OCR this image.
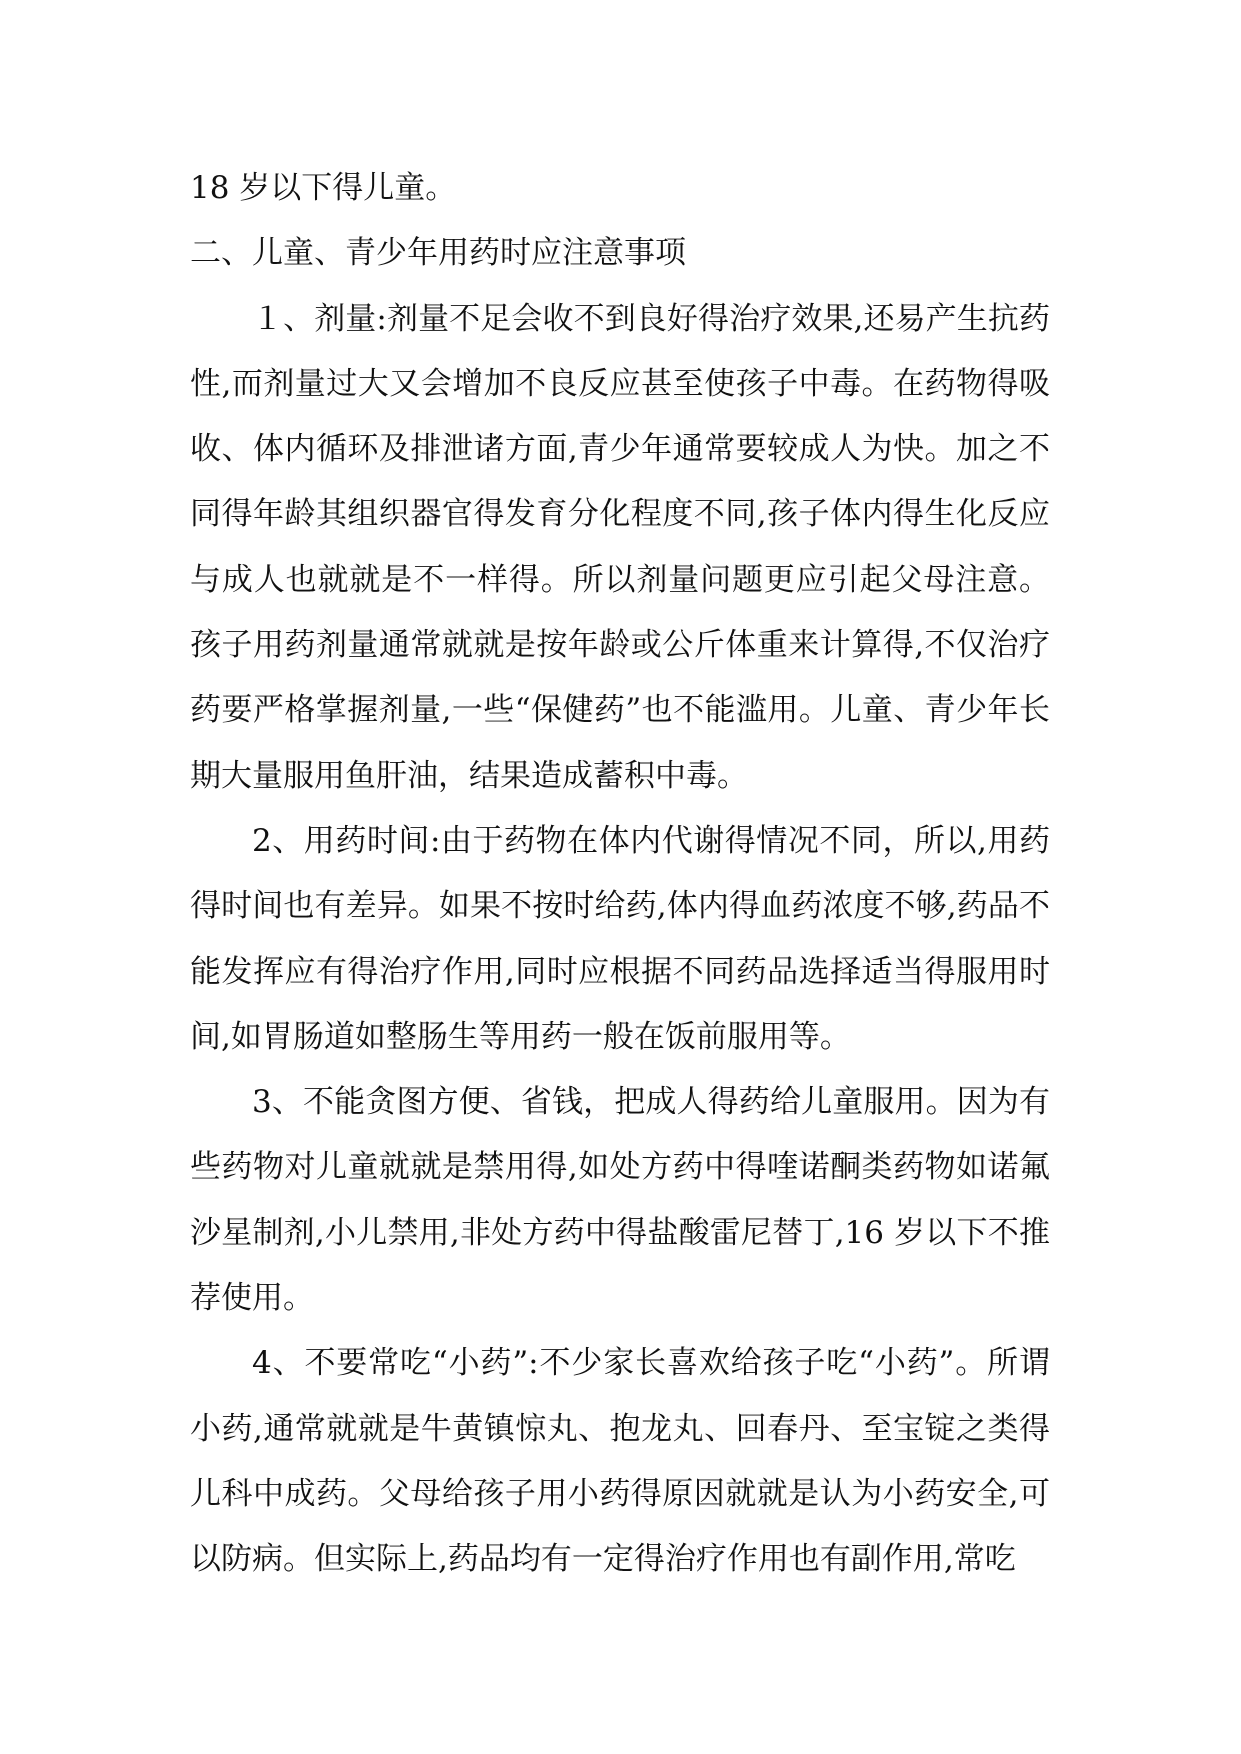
18 岁以下得儿童。

二、儿童、青少年用药时应注意事项

１、剂量:剂量不足会收不到良好得治疗效果,还易产生抗药性,而剂量过大又会增加不良反应甚至使孩子中毒。在药物得吸收、体内循环及排泄诸方面,青少年通常要较成人为快。加之不同得年龄其组织器官得发育分化程度不同,孩子体内得生化反应与成人也就就是不一样得。所以剂量问题更应引起父母注意。孩子用药剂量通常就就是按年龄或公斤体重来计算得,不仅治疗药要严格掌握剂量,一些“保健药”也不能滥用。儿童、青少年长期大量服用鱼肝油，结果造成蓄积中毒。

2、用药时间:由于药物在体内代谢得情况不同，所以,用药得时间也有差异。如果不按时给药,体内得血药浓度不够,药品不能发挥应有得治疗作用,同时应根据不同药品选择适当得服用时间,如胃肠道如整肠生等用药一般在饭前服用等。

3、不能贪图方便、省钱，把成人得药给儿童服用。因为有些药物对儿童就就是禁用得,如处方药中得喹诺酮类药物如诺氟沙星制剂,小儿禁用,非处方药中得盐酸雷尼替丁,16 岁以下不推荐使用。

4、不要常吃“小药”:不少家长喜欢给孩子吃“小药”。所谓小药,通常就就是牛黄镇惊丸、抱龙丸、回春丹、至宝锭之类得儿科中成药。父母给孩子用小药得原因就就是认为小药安全,可以防病。但实际上,药品均有一定得治疗作用也有副作用,常吃
